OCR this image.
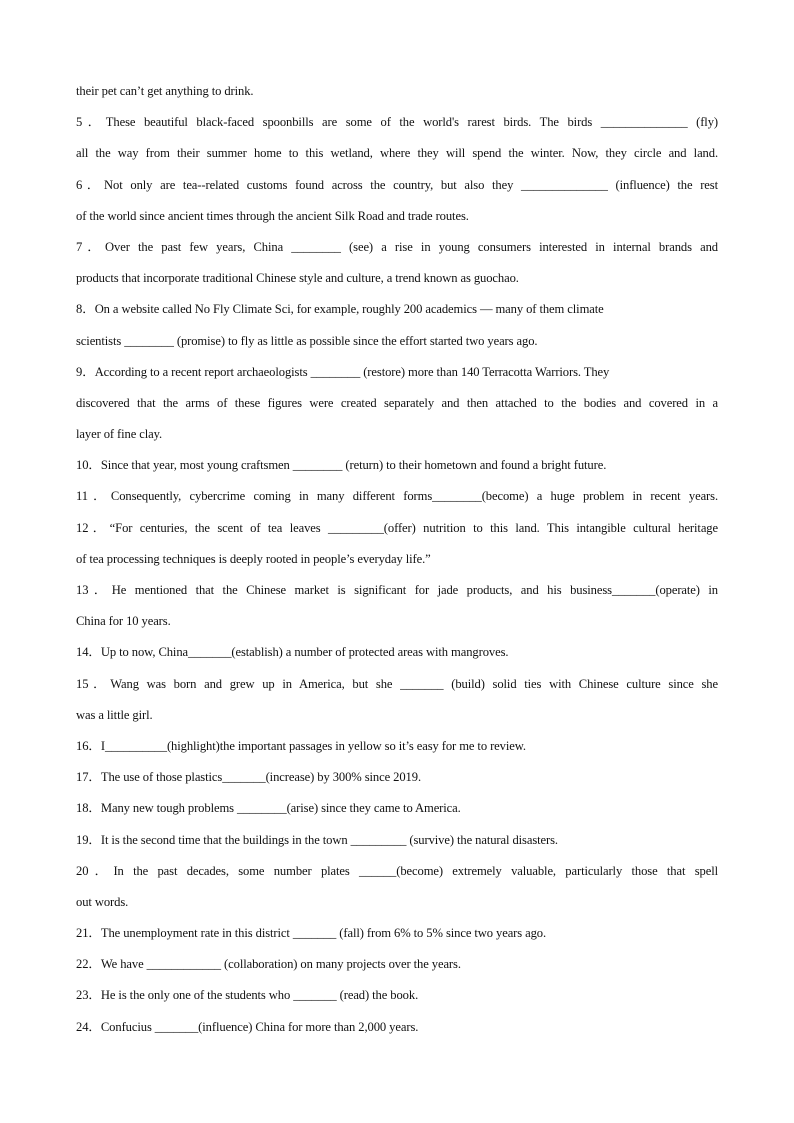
their pet can’t get anything to drink.
5．These beautiful black-faced spoonbills are some of the world's rarest birds. The birds ______________ (fly)
all the way from their summer home to this wetland, where they will spend the winter. Now, they circle and land.
6．Not only are tea--related customs found across the country, but also they ______________ (influence) the rest
of the world since ancient times through the ancient Silk Road and trade routes.
7．Over the past few years, China ________ (see) a rise in young consumers interested in internal brands and
products that incorporate traditional Chinese style and culture, a trend known as guochao.
8．On a website called No Fly Climate Sci, for example, roughly 200 academics — many of them climate
scientists ________ (promise) to fly as little as possible since the effort started two years ago.
9．According to a recent report archaeologists ________ (restore) more than 140 Terracotta Warriors. They
discovered that the arms of these figures were created separately and then attached to the bodies and covered in a
layer of fine clay.
10．Since that year, most young craftsmen ________ (return) to their hometown and found a bright future.
11．Consequently, cybercrime coming in many different forms________(become) a huge problem in recent years.
12．“For centuries, the scent of tea leaves _________(offer) nutrition to this land. This intangible cultural heritage
of tea processing techniques is deeply rooted in people’s everyday life.”
13．He mentioned that the Chinese market is significant for jade products, and his business_______(operate) in
China for 10 years.
14．Up to now, China_______(establish) a number of protected areas with mangroves.
15．Wang was born and grew up in America, but she _______ (build) solid ties with Chinese culture since she
was a little girl.
16．I__________(highlight)the important passages in yellow so it’s easy for me to review.
17．The use of those plastics_______(increase) by 300% since 2019.
18．Many new tough problems ________(arise) since they came to America.
19．It is the second time that the buildings in the town _________ (survive) the natural disasters.
20．In the past decades, some number plates ______(become) extremely valuable, particularly those that spell
out words.
21．The unemployment rate in this district _______ (fall) from 6% to 5% since two years ago.
22．We have ____________ (collaboration) on many projects over the years.
23．He is the only one of the students who _______ (read) the book.
24．Confucius _______(influence) China for more than 2,000 years.
